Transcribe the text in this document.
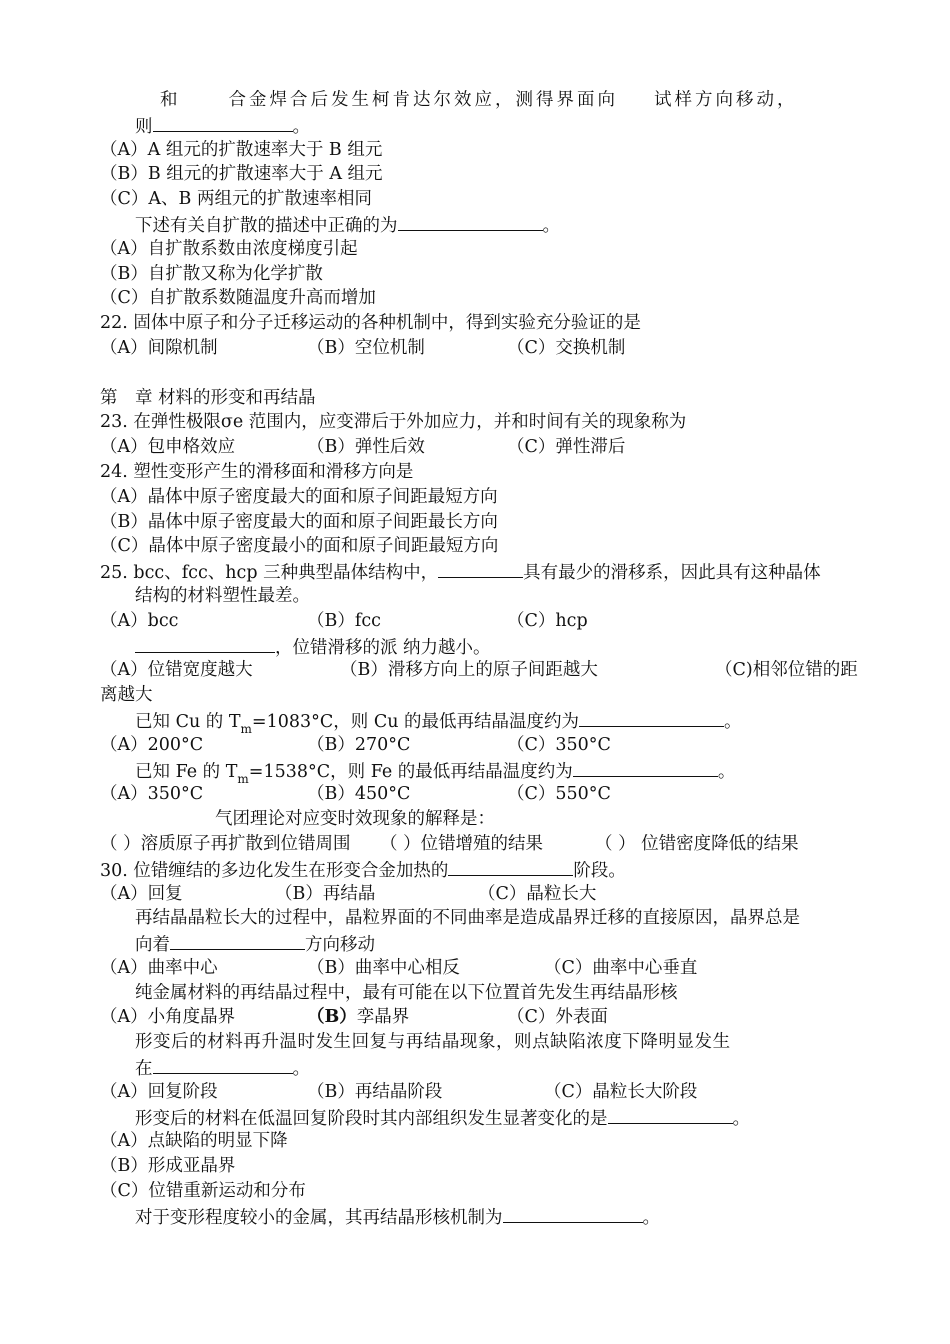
和	合金焊合后发生柯肯达尔效应，测得界面向 试样方向移动，
则	。
（A）A 组元的扩散速率大于 B 组元
（B）B 组元的扩散速率大于 A 组元
（C）A、B 两组元的扩散速率相同
下述有关自扩散的描述中正确的为	。
（A）自扩散系数由浓度梯度引起
（B）自扩散又称为化学扩散
（C）自扩散系数随温度升高而增加
22. 固体中原子和分子迁移运动的各种机制中，得到实验充分验证的是
（A）间隙机制	（B）空位机制	（C）交换机制
第　章 材料的形变和再结晶
23. 在弹性极限σe 范围内，应变滞后于外加应力，并和时间有关的现象称为
（A）包申格效应	（B）弹性后效	（C）弹性滞后
24. 塑性变形产生的滑移面和滑移方向是
（A）晶体中原子密度最大的面和原子间距最短方向
（B）晶体中原子密度最大的面和原子间距最长方向
（C）晶体中原子密度最小的面和原子间距最短方向
25. bcc、fcc、hcp 三种典型晶体结构中，	具有最少的滑移系，因此具有这种晶体
结构的材料塑性最差。
（A）bcc	（B）fcc	（C）hcp
，位错滑移的派 纳力越小。
（A）位错宽度越大	（B）滑移方向上的原子间距越大	（C)相邻位错的距
离越大
已知 Cu 的 $T_m=1083^\circ C$，则 Cu 的最低再结晶温度约为	。
（A）200°C	（B）270°C	（C）350°C
已知 Fe 的 $T_m=1538^\circ C$，则 Fe 的最低再结晶温度约为	。
（A）350°C	（B）450°C	（C）550°C
气团理论对应变时效现象的解释是：
（ ）溶质原子再扩散到位错周围	（ ）位错增殖的结果	（ ） 位错密度降低的结果
30. 位错缠结的多边化发生在形变合金加热的	阶段。
（A）回复	（B）再结晶	（C）晶粒长大
再结晶晶粒长大的过程中，晶粒界面的不同曲率是造成晶界迁移的直接原因，晶界总是
向着	方向移动
（A）曲率中心	（B）曲率中心相反	（C）曲率中心垂直
纯金属材料的再结晶过程中，最有可能在以下位置首先发生再结晶形核
（A）小角度晶界	（B）孪晶界	（C）外表面
形变后的材料再升温时发生回复与再结晶现象，则点缺陷浓度下降明显发生
在	。
（A）回复阶段	（B）再结晶阶段	（C）晶粒长大阶段
形变后的材料在低温回复阶段时其内部组织发生显著变化的是	。
（A）点缺陷的明显下降
（B）形成亚晶界
（C）位错重新运动和分布
对于变形程度较小的金属，其再结晶形核机制为	。
